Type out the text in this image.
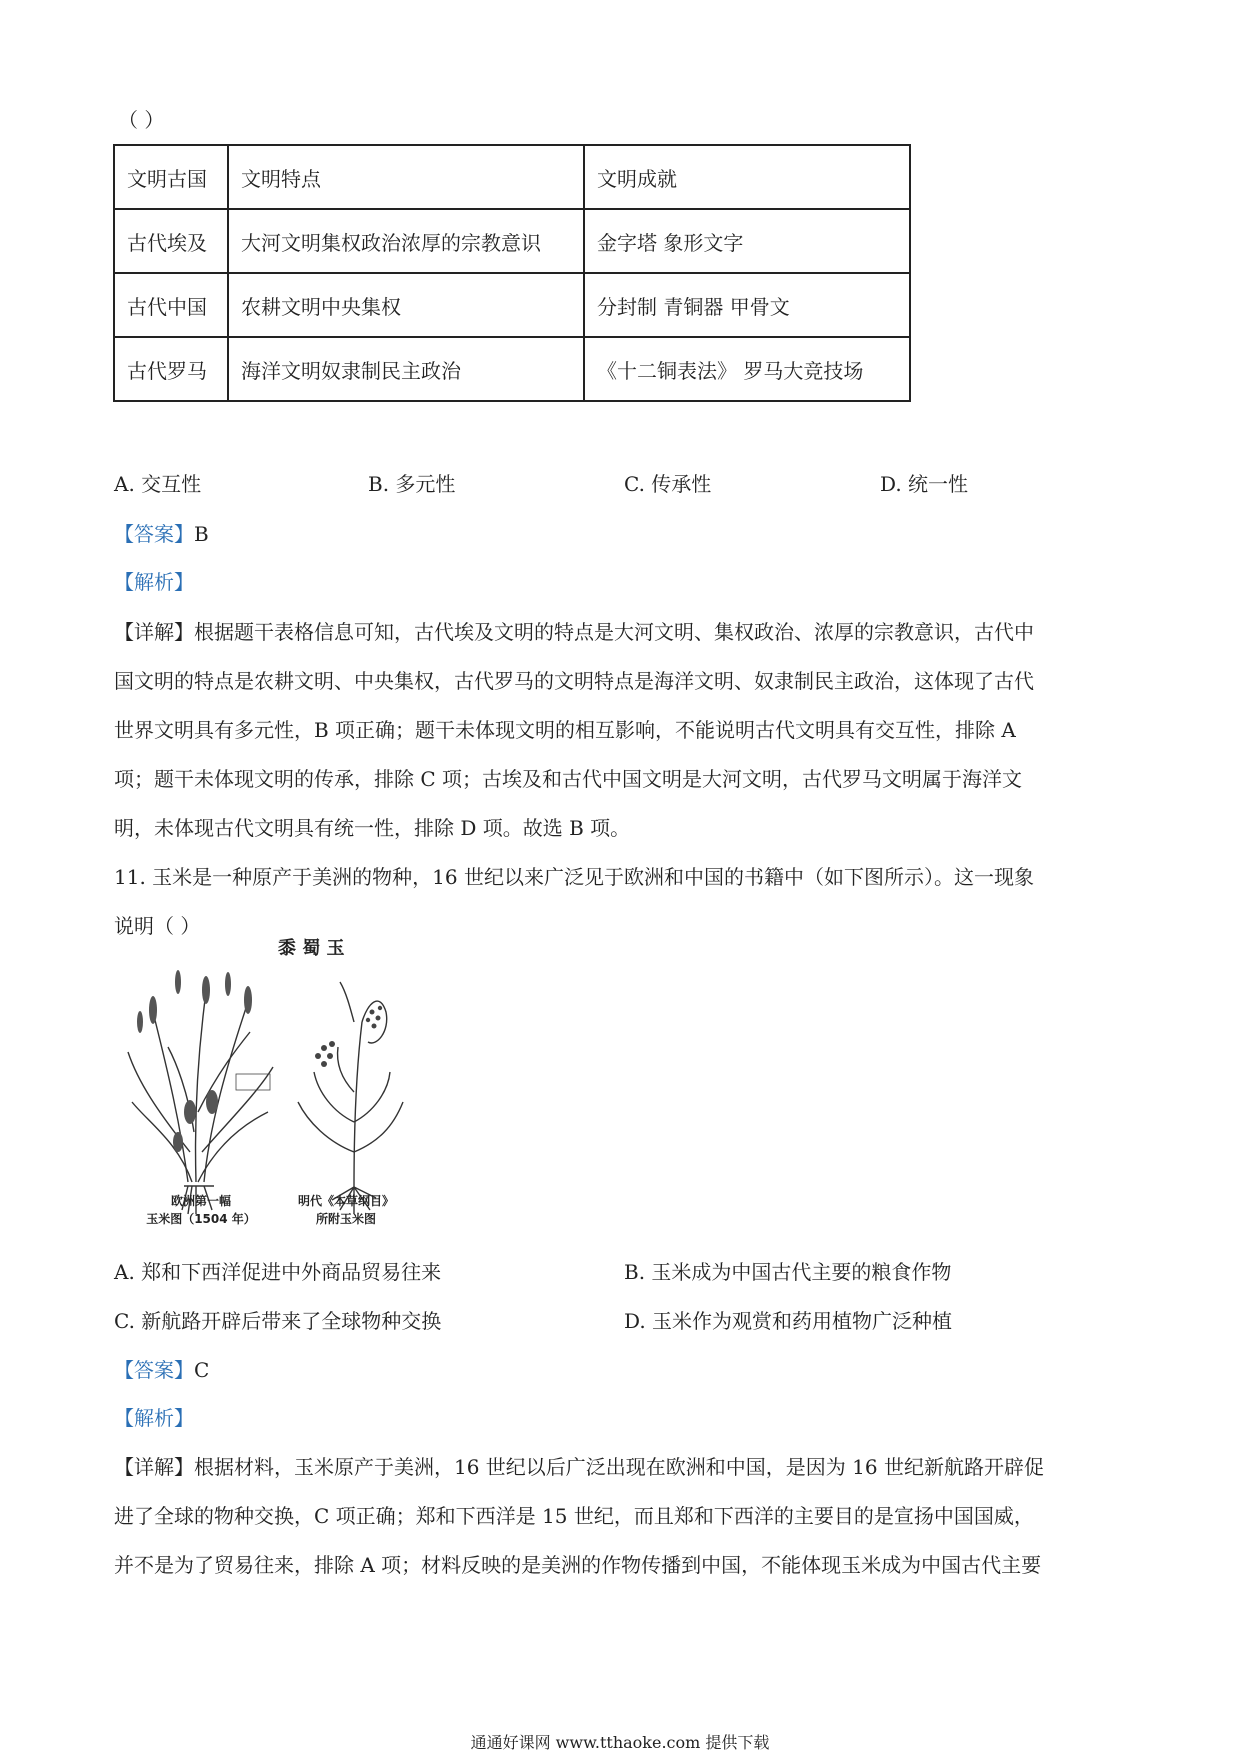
（ ）
文明古国	文明特点	文明成就
古代埃及	大河文明集权政治浓厚的宗教意识	金字塔 象形文字
古代中国	农耕文明中央集权	分封制 青铜器 甲骨文
古代罗马	海洋文明奴隶制民主政治	《十二铜表法》 罗马大竞技场
A. 交互性	B. 多元性	C. 传承性	D. 统一性
【答案】B
【解析】
【详解】根据题干表格信息可知，古代埃及文明的特点是大河文明、集权政治、浓厚的宗教意识，古代中
国文明的特点是农耕文明、中央集权，古代罗马的文明特点是海洋文明、奴隶制民主政治，这体现了古代
世界文明具有多元性，B 项正确；题干未体现文明的相互影响，不能说明古代文明具有交互性，排除 A
项；题干未体现文明的传承，排除 C 项；古埃及和古代中国文明是大河文明，古代罗马文明属于海洋文
明，未体现古代文明具有统一性，排除 D 项。故选 B 项。
11. 玉米是一种原产于美洲的物种，16 世纪以来广泛见于欧洲和中国的书籍中（如下图所示）。这一现象
说明（ ）
黍 蜀 玉
欧洲第一幅
玉米图（1504 年）
明代《本草纲目》
所附玉米图
A. 郑和下西洋促进中外商品贸易往来	B. 玉米成为中国古代主要的粮食作物
C. 新航路开辟后带来了全球物种交换	D. 玉米作为观赏和药用植物广泛种植
【答案】C
【解析】
【详解】根据材料，玉米原产于美洲，16 世纪以后广泛出现在欧洲和中国，是因为 16 世纪新航路开辟促
进了全球的物种交换，C 项正确；郑和下西洋是 15 世纪，而且郑和下西洋的主要目的是宣扬中国国威，
并不是为了贸易往来，排除 A 项；材料反映的是美洲的作物传播到中国，不能体现玉米成为中国古代主要
通通好课网 www.tthaoke.com 提供下载
